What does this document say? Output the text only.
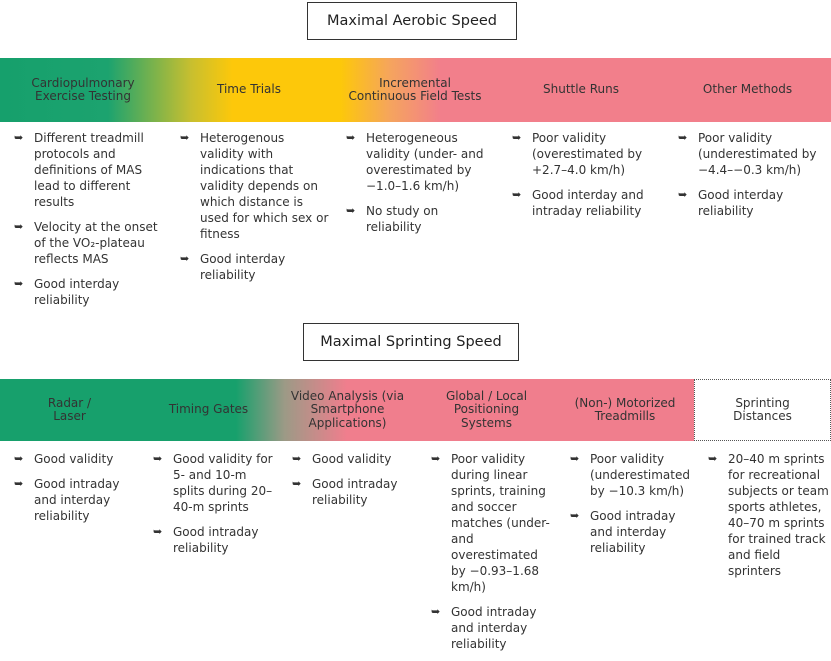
Maximal Aerobic Speed
Maximal Sprinting Speed
Cardiopulmonary Exercise Testing
➥ Different treadmill protocols and definitions of MAS lead to different results
➥ Velocity at the onset of the VO₂-plateau reflects MAS
➥ Good interday reliability
Time Trials
➥ Heterogenous validity with indications that validity depends on which distance is used for which sex or fitness
➥ Good interday reliability
Incremental Continuous Field Tests
➥ Heterogeneous validity (under- and overestimated by −1.0–1.6 km/h)
➥ No study on reliability
Shuttle Runs
➥ Poor validity (overestimated by +2.7–4.0 km/h)
➥ Good interday and intraday reliability
Other Methods
➥ Poor validity (underestimated by −4.4–−0.3 km/h)
➥ Good interday reliability
Radar / Laser
➥ Good validity
➥ Good intraday and interday reliability
Timing Gates
➥ Good validity for 5- and 10-m splits during 20–40-m sprints
➥ Good intraday reliability
Video Analysis (via Smartphone Applications)
➥ Good validity
➥ Good intraday reliability
Global / Local Positioning Systems
➥ Poor validity during linear sprints, training and soccer matches (under- and overestimated by −0.93–1.68 km/h)
➥ Good intraday and interday reliability
(Non-) Motorized Treadmills
➥ Poor validity (underestimated by −10.3 km/h)
➥ Good intraday and interday reliability
Sprinting Distances
➥ 20–40 m sprints for recreational subjects or team sports athletes, 40–70 m sprints for trained track and field sprinters
